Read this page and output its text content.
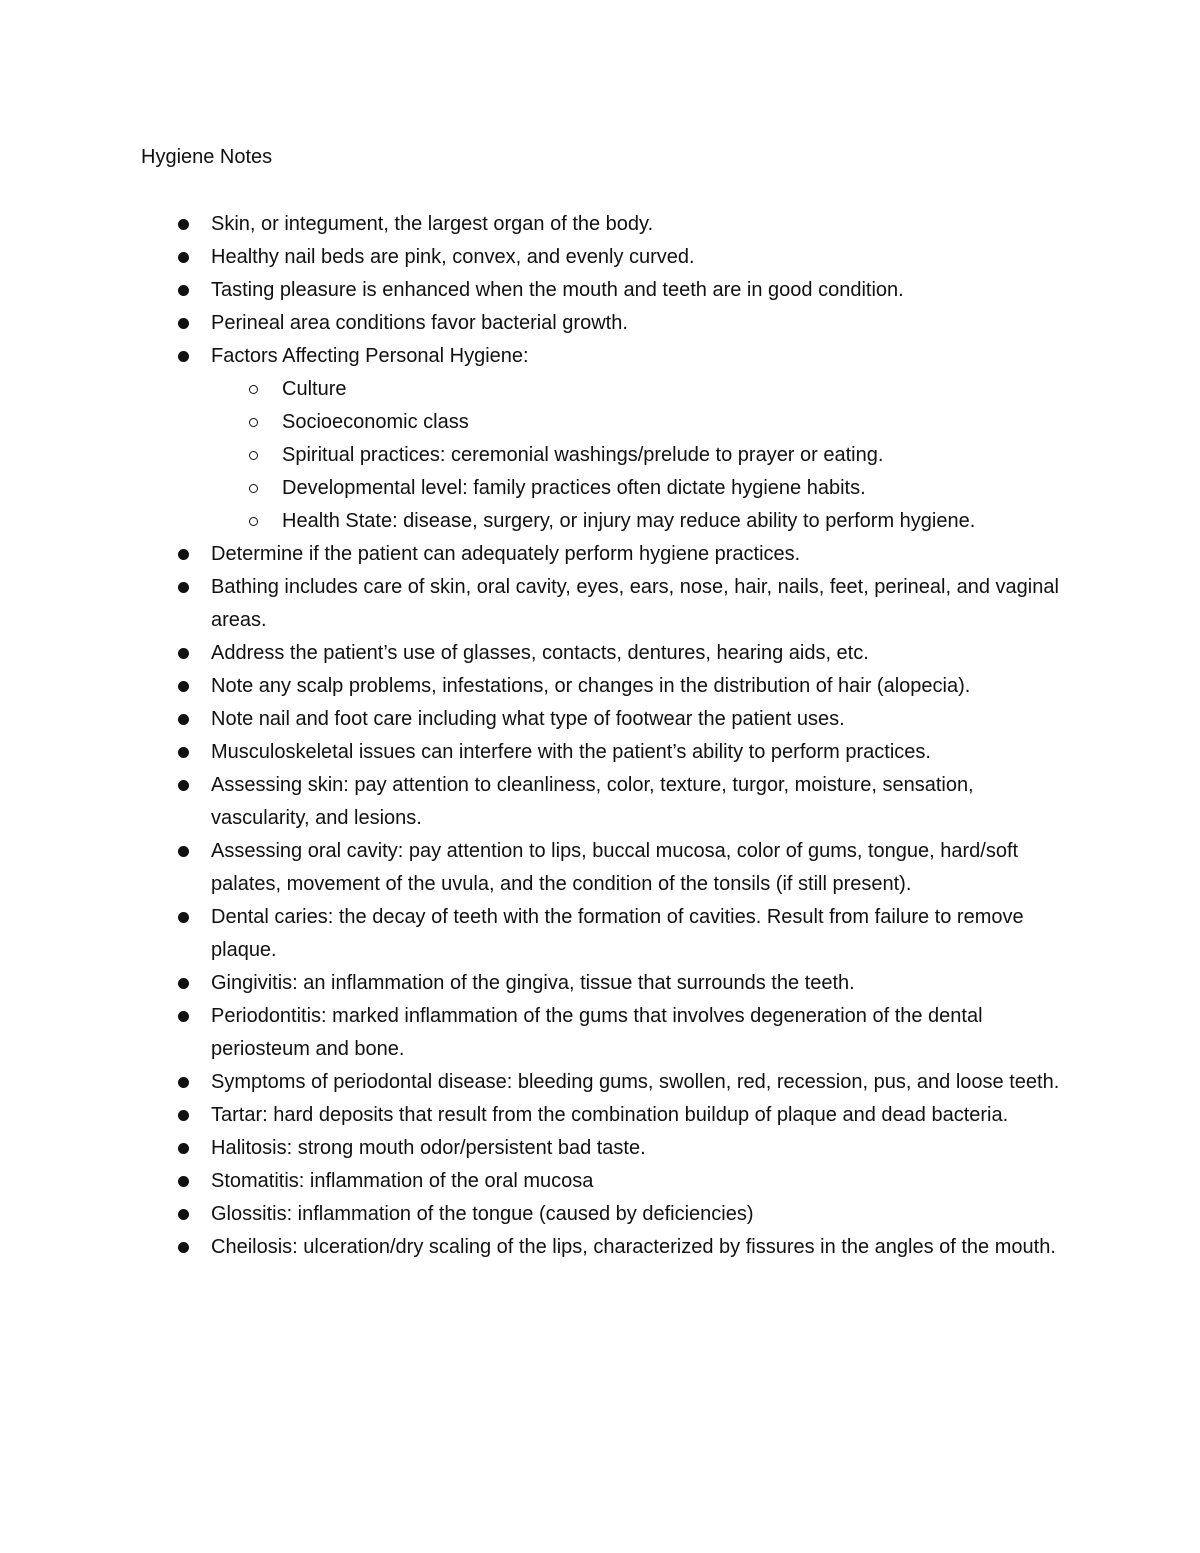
Hygiene Notes
Skin, or integument, the largest organ of the body.
Healthy nail beds are pink, convex, and evenly curved.
Tasting pleasure is enhanced when the mouth and teeth are in good condition.
Perineal area conditions favor bacterial growth.
Factors Affecting Personal Hygiene:
Culture
Socioeconomic class
Spiritual practices: ceremonial washings/prelude to prayer or eating.
Developmental level: family practices often dictate hygiene habits.
Health State: disease, surgery, or injury may reduce ability to perform hygiene.
Determine if the patient can adequately perform hygiene practices.
Bathing includes care of skin, oral cavity, eyes, ears, nose, hair, nails, feet, perineal, and vaginal areas.
Address the patient’s use of glasses, contacts, dentures, hearing aids, etc.
Note any scalp problems, infestations, or changes in the distribution of hair (alopecia).
Note nail and foot care including what type of footwear the patient uses.
Musculoskeletal issues can interfere with the patient’s ability to perform practices.
Assessing skin: pay attention to cleanliness, color, texture, turgor, moisture, sensation, vascularity, and lesions.
Assessing oral cavity: pay attention to lips, buccal mucosa, color of gums, tongue, hard/soft palates, movement of the uvula, and the condition of the tonsils (if still present).
Dental caries: the decay of teeth with the formation of cavities. Result from failure to remove plaque.
Gingivitis: an inflammation of the gingiva, tissue that surrounds the teeth.
Periodontitis: marked inflammation of the gums that involves degeneration of the dental periosteum and bone.
Symptoms of periodontal disease: bleeding gums, swollen, red, recession, pus, and loose teeth.
Tartar: hard deposits that result from the combination buildup of plaque and dead bacteria.
Halitosis: strong mouth odor/persistent bad taste.
Stomatitis: inflammation of the oral mucosa
Glossitis: inflammation of the tongue (caused by deficiencies)
Cheilosis: ulceration/dry scaling of the lips, characterized by fissures in the angles of the mouth.
